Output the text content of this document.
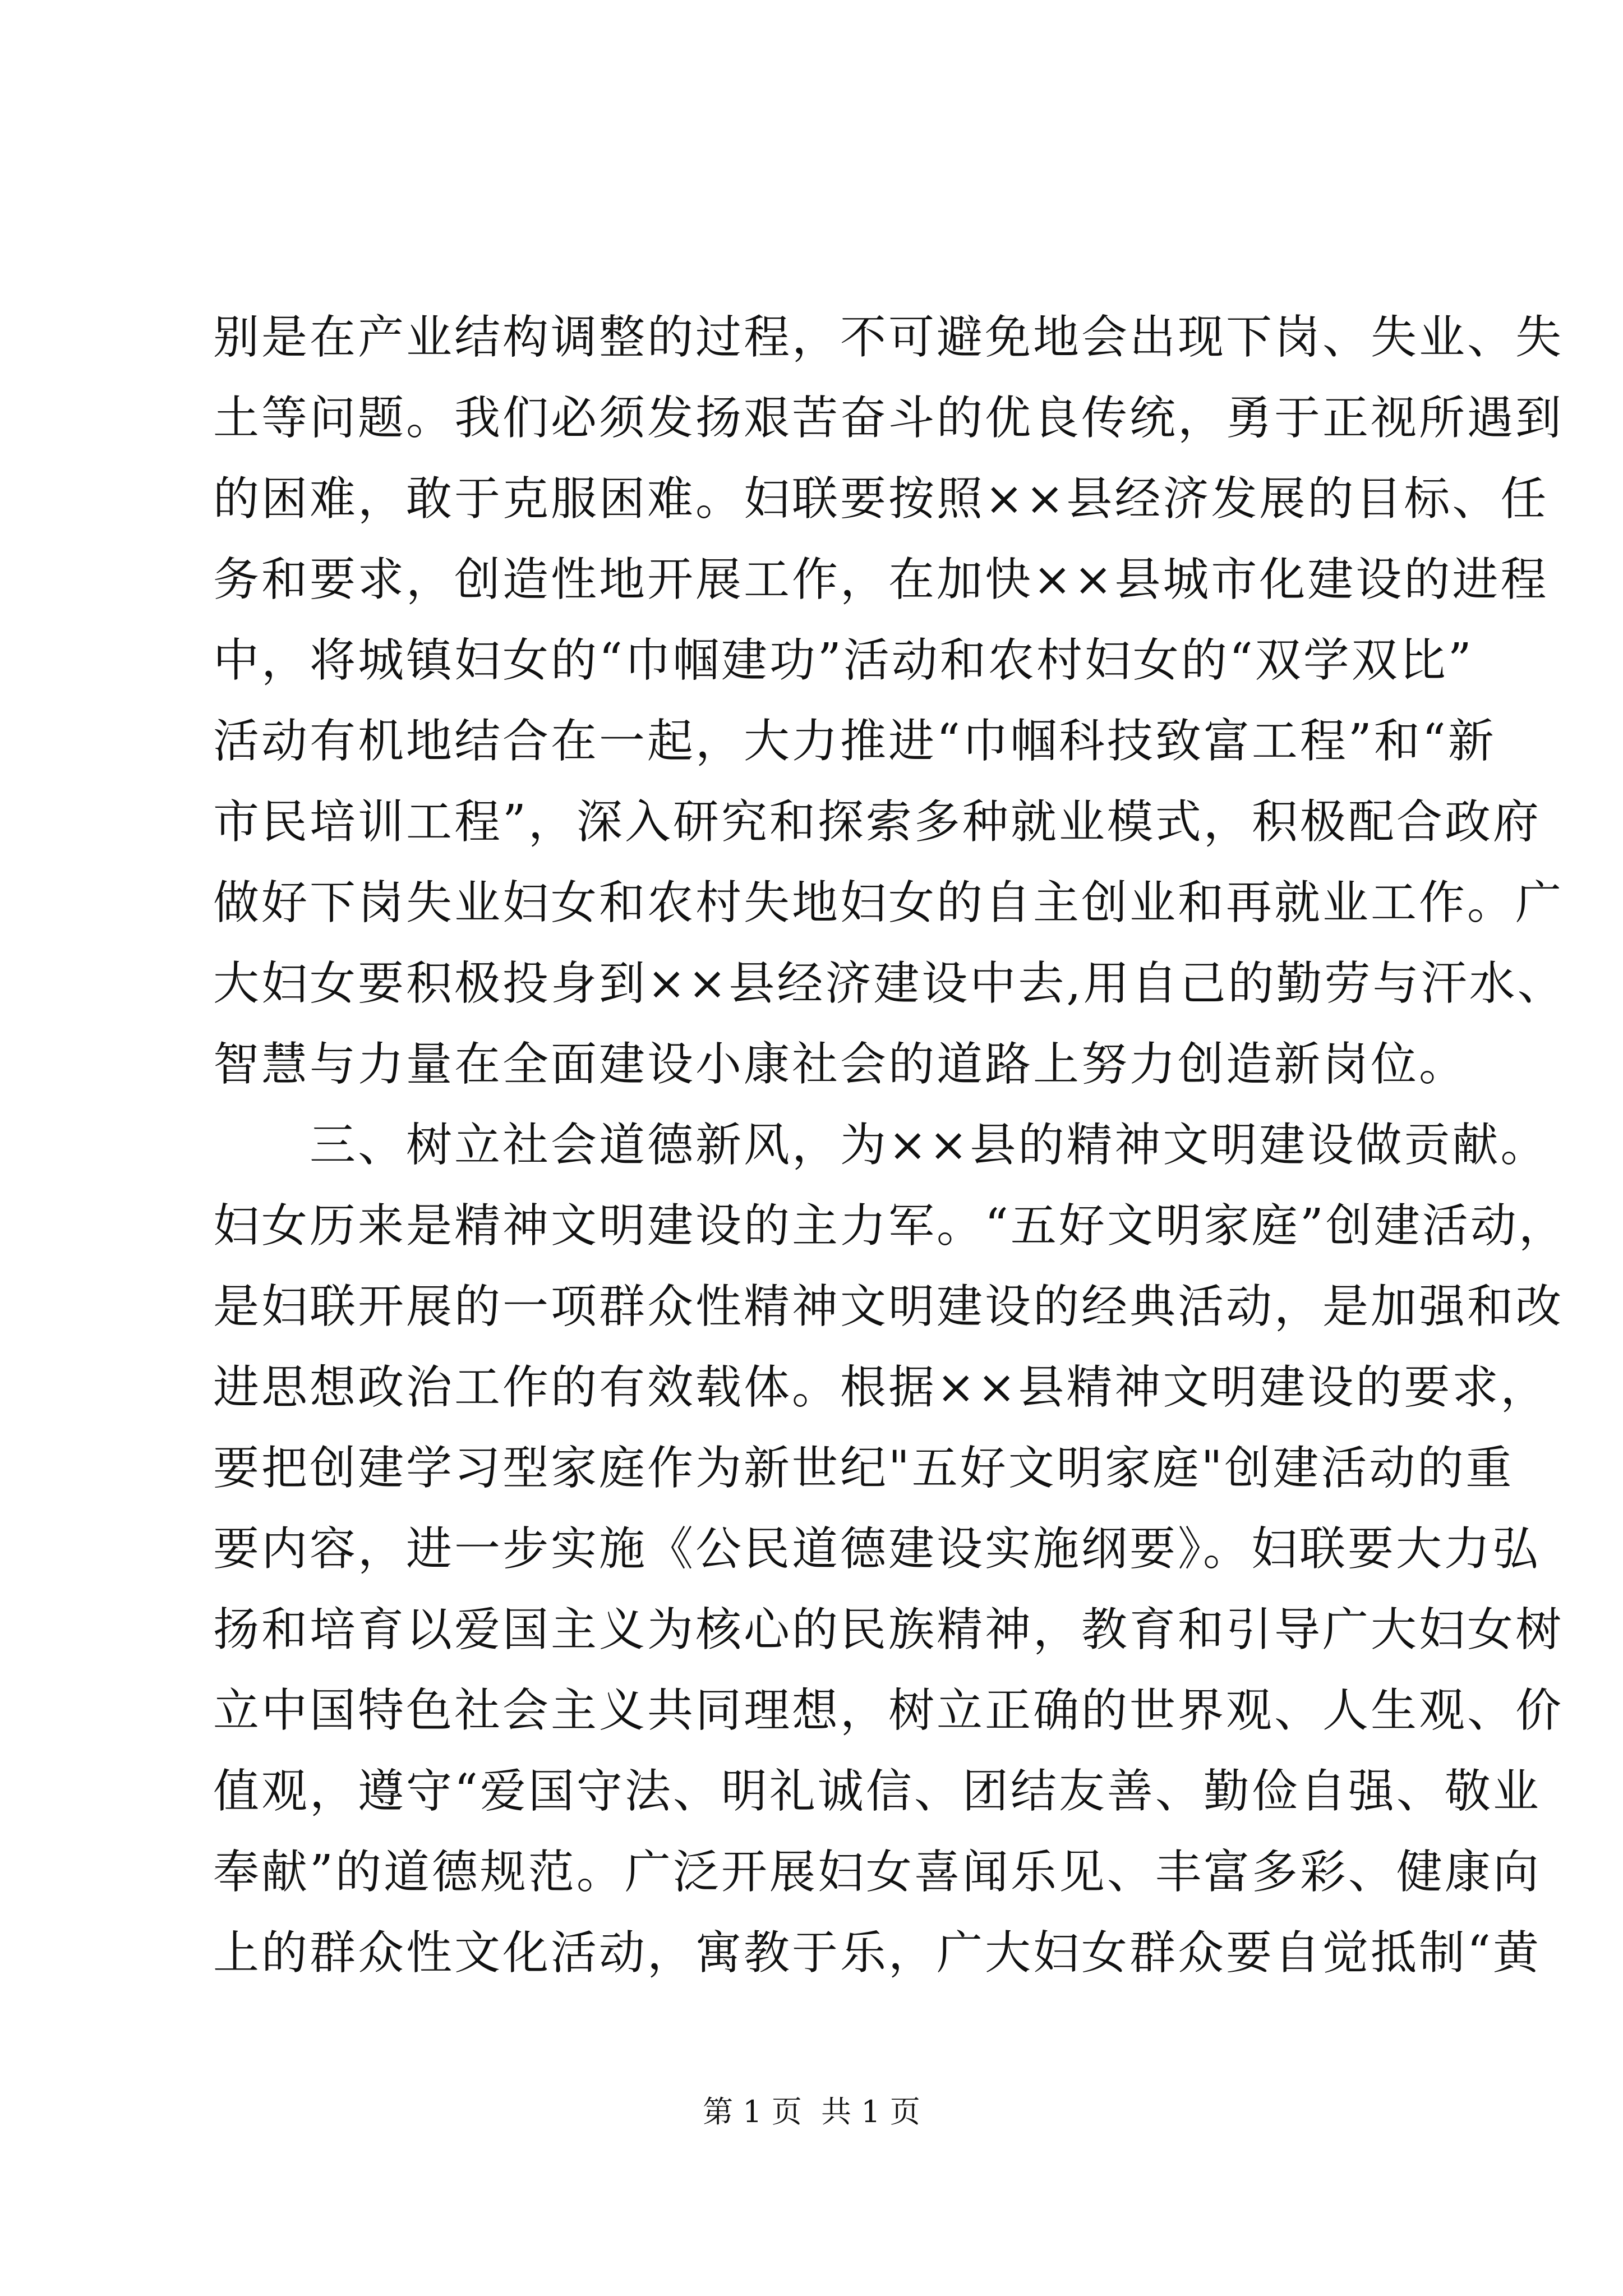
别是在产业结构调整的过程，不可避免地会出现下岗、失业、失
土等问题。我们必须发扬艰苦奋斗的优良传统，勇于正视所遇到
的困难，敢于克服困难。妇联要按照××县经济发展的目标、任
务和要求，创造性地开展工作，在加快××县城市化建设的进程
中，将城镇妇女的“巾帼建功”活动和农村妇女的“双学双比”
活动有机地结合在一起，大力推进“巾帼科技致富工程”和“新
市民培训工程”，深入研究和探索多种就业模式，积极配合政府
做好下岗失业妇女和农村失地妇女的自主创业和再就业工作。广
大妇女要积极投身到××县经济建设中去,用自己的勤劳与汗水、
智慧与力量在全面建设小康社会的道路上努力创造新岗位。
　　三、树立社会道德新风，为××县的精神文明建设做贡献。
妇女历来是精神文明建设的主力军。“五好文明家庭”创建活动，
是妇联开展的一项群众性精神文明建设的经典活动，是加强和改
进思想政治工作的有效载体。根据××县精神文明建设的要求，
要把创建学习型家庭作为新世纪"五好文明家庭"创建活动的重
要内容，进一步实施《公民道德建设实施纲要》。妇联要大力弘
扬和培育以爱国主义为核心的民族精神，教育和引导广大妇女树
立中国特色社会主义共同理想，树立正确的世界观、人生观、价
值观，遵守“爱国守法、明礼诚信、团结友善、勤俭自强、敬业
奉献”的道德规范。广泛开展妇女喜闻乐见、丰富多彩、健康向
上的群众性文化活动，寓教于乐，广大妇女群众要自觉抵制“黄
第 1 页  共 1 页
